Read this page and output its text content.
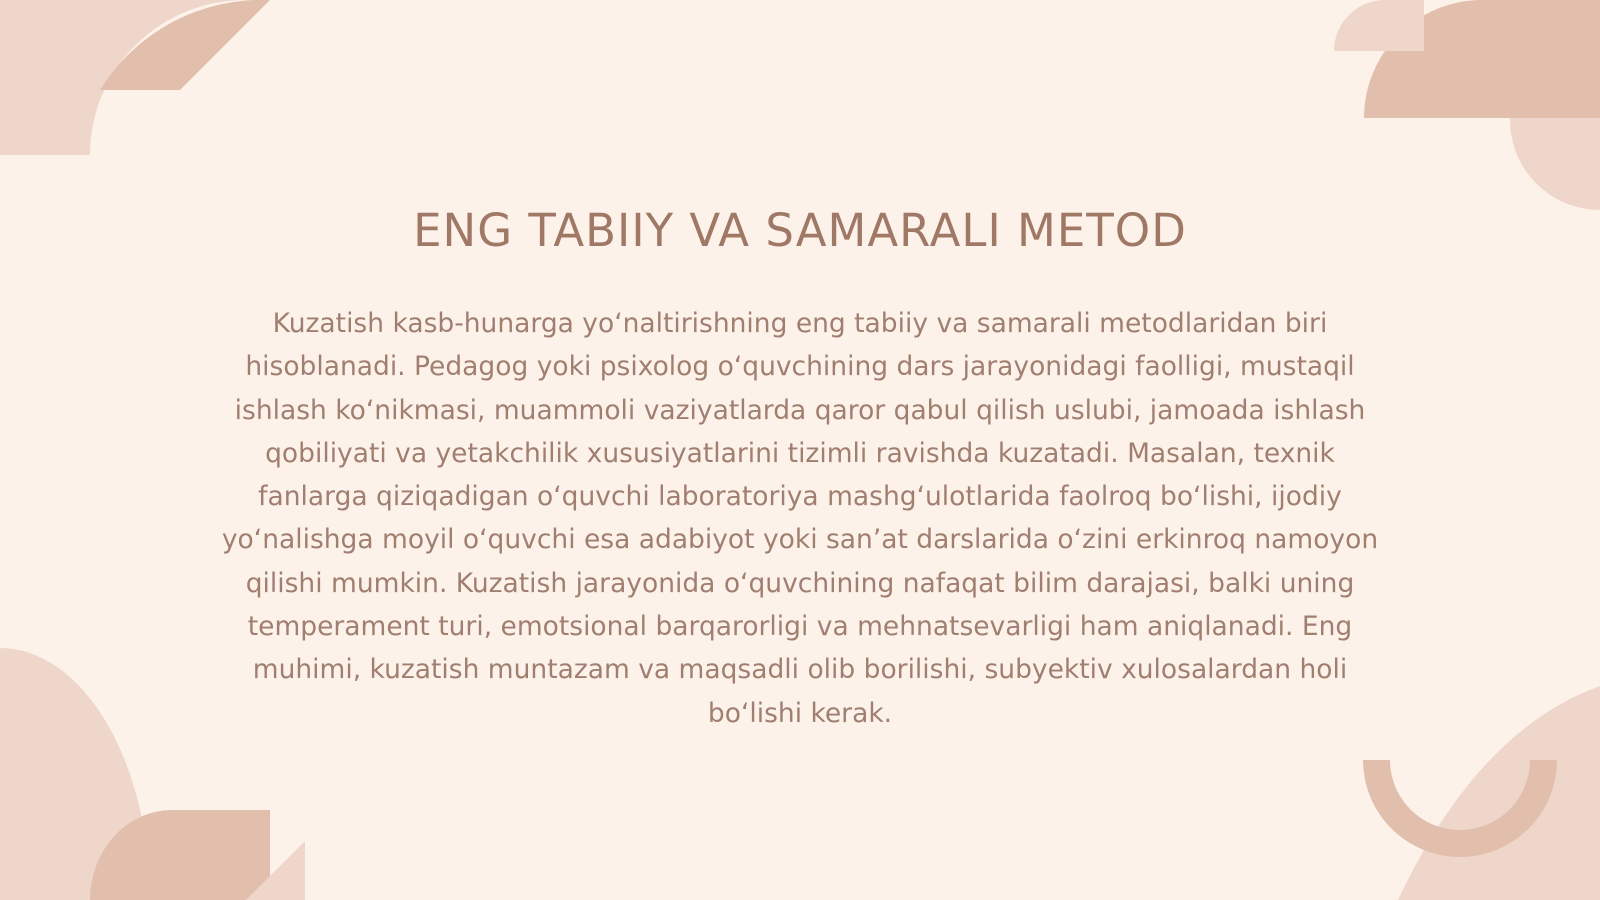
ENG TABIIY VA SAMARALI METOD

Kuzatish kasb-hunarga yo‘naltirishning eng tabiiy va samarali metodlaridan biri hisoblanadi. Pedagog yoki psixolog o‘quvchining dars jarayonidagi faolligi, mustaqil ishlash ko‘nikmasi, muammoli vaziyatlarda qaror qabul qilish uslubi, jamoada ishlash qobiliyati va yetakchilik xususiyatlarini tizimli ravishda kuzatadi. Masalan, texnik fanlarga qiziqadigan o‘quvchi laboratoriya mashg‘ulotlarida faolroq bo‘lishi, ijodiy yo‘nalishga moyil o‘quvchi esa adabiyot yoki san’at darslarida o‘zini erkinroq namoyon qilishi mumkin. Kuzatish jarayonida o‘quvchining nafaqat bilim darajasi, balki uning temperament turi, emotsional barqarorligi va mehnatsevarligi ham aniqlanadi. Eng muhimi, kuzatish muntazam va maqsadli olib borilishi, subyektiv xulosalardan holi bo‘lishi kerak.
